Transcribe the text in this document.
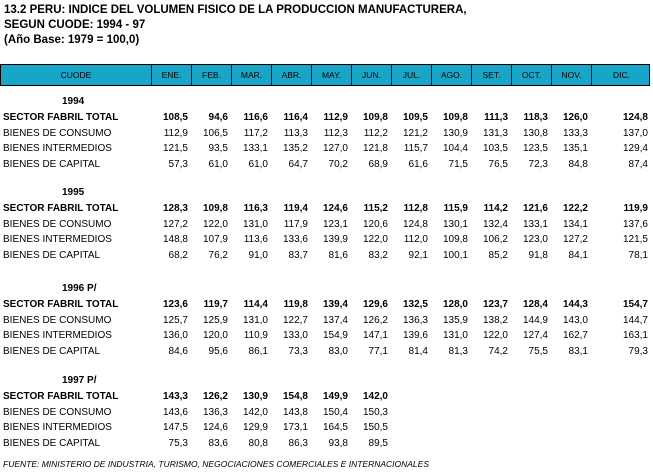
13.2 PERU: INDICE DEL VOLUMEN FISICO DE LA PRODUCCION MANUFACTURERA,
SEGUN CUODE: 1994 - 97
(Año Base: 1979 = 100,0)
CUODE	ENE.	FEB.	MAR.	ABR.	MAY.	JUN.	JUL.	AGO.	SET.	OCT.	NOV.	DIC.
1994
SECTOR FABRIL TOTAL	108,5	94,6	116,6	116,4	112,9	109,8	109,5	109,8	111,3	118,3	126,0	124,8
BIENES DE CONSUMO	112,9	106,5	117,2	113,3	112,3	112,2	121,2	130,9	131,3	130,8	133,3	137,0
BIENES INTERMEDIOS	121,5	93,5	133,1	135,2	127,0	121,8	115,7	104,4	103,5	123,5	135,1	129,4
BIENES DE CAPITAL	57,3	61,0	61,0	64,7	70,2	68,9	61,6	71,5	76,5	72,3	84,8	87,4
1995
SECTOR FABRIL TOTAL	128,3	109,8	116,3	119,4	124,6	115,2	112,8	115,9	114,2	121,6	122,2	119,9
BIENES DE CONSUMO	127,2	122,0	131,0	117,9	123,1	120,6	124,8	130,1	132,4	133,1	134,1	137,6
BIENES INTERMEDIOS	148,8	107,9	113,6	133,6	139,9	122,0	112,0	109,8	106,2	123,0	127,2	121,5
BIENES DE CAPITAL	68,2	76,2	91,0	83,7	81,6	83,2	92,1	100,1	85,2	91,8	84,1	78,1
1996 P/
SECTOR FABRIL TOTAL	123,6	119,7	114,4	119,8	139,4	129,6	132,5	128,0	123,7	128,4	144,3	154,7
BIENES DE CONSUMO	125,7	125,9	131,0	122,7	137,4	126,2	136,3	135,9	138,2	144,9	143,0	144,7
BIENES INTERMEDIOS	136,0	120,0	110,9	133,0	154,9	147,1	139,6	131,0	122,0	127,4	162,7	163,1
BIENES DE CAPITAL	84,6	95,6	86,1	73,3	83,0	77,1	81,4	81,3	74,2	75,5	83,1	79,3
1997 P/
SECTOR FABRIL TOTAL	143,3	126,2	130,9	154,8	149,9	142,0
BIENES DE CONSUMO	143,6	136,3	142,0	143,8	150,4	150,3
BIENES INTERMEDIOS	147,5	124,6	129,9	173,1	164,5	150,5
BIENES DE CAPITAL	75,3	83,6	80,8	86,3	93,8	89,5
FUENTE: MINISTERIO DE INDUSTRIA, TURISMO, NEGOCIACIONES COMERCIALES E INTERNACIONALES
